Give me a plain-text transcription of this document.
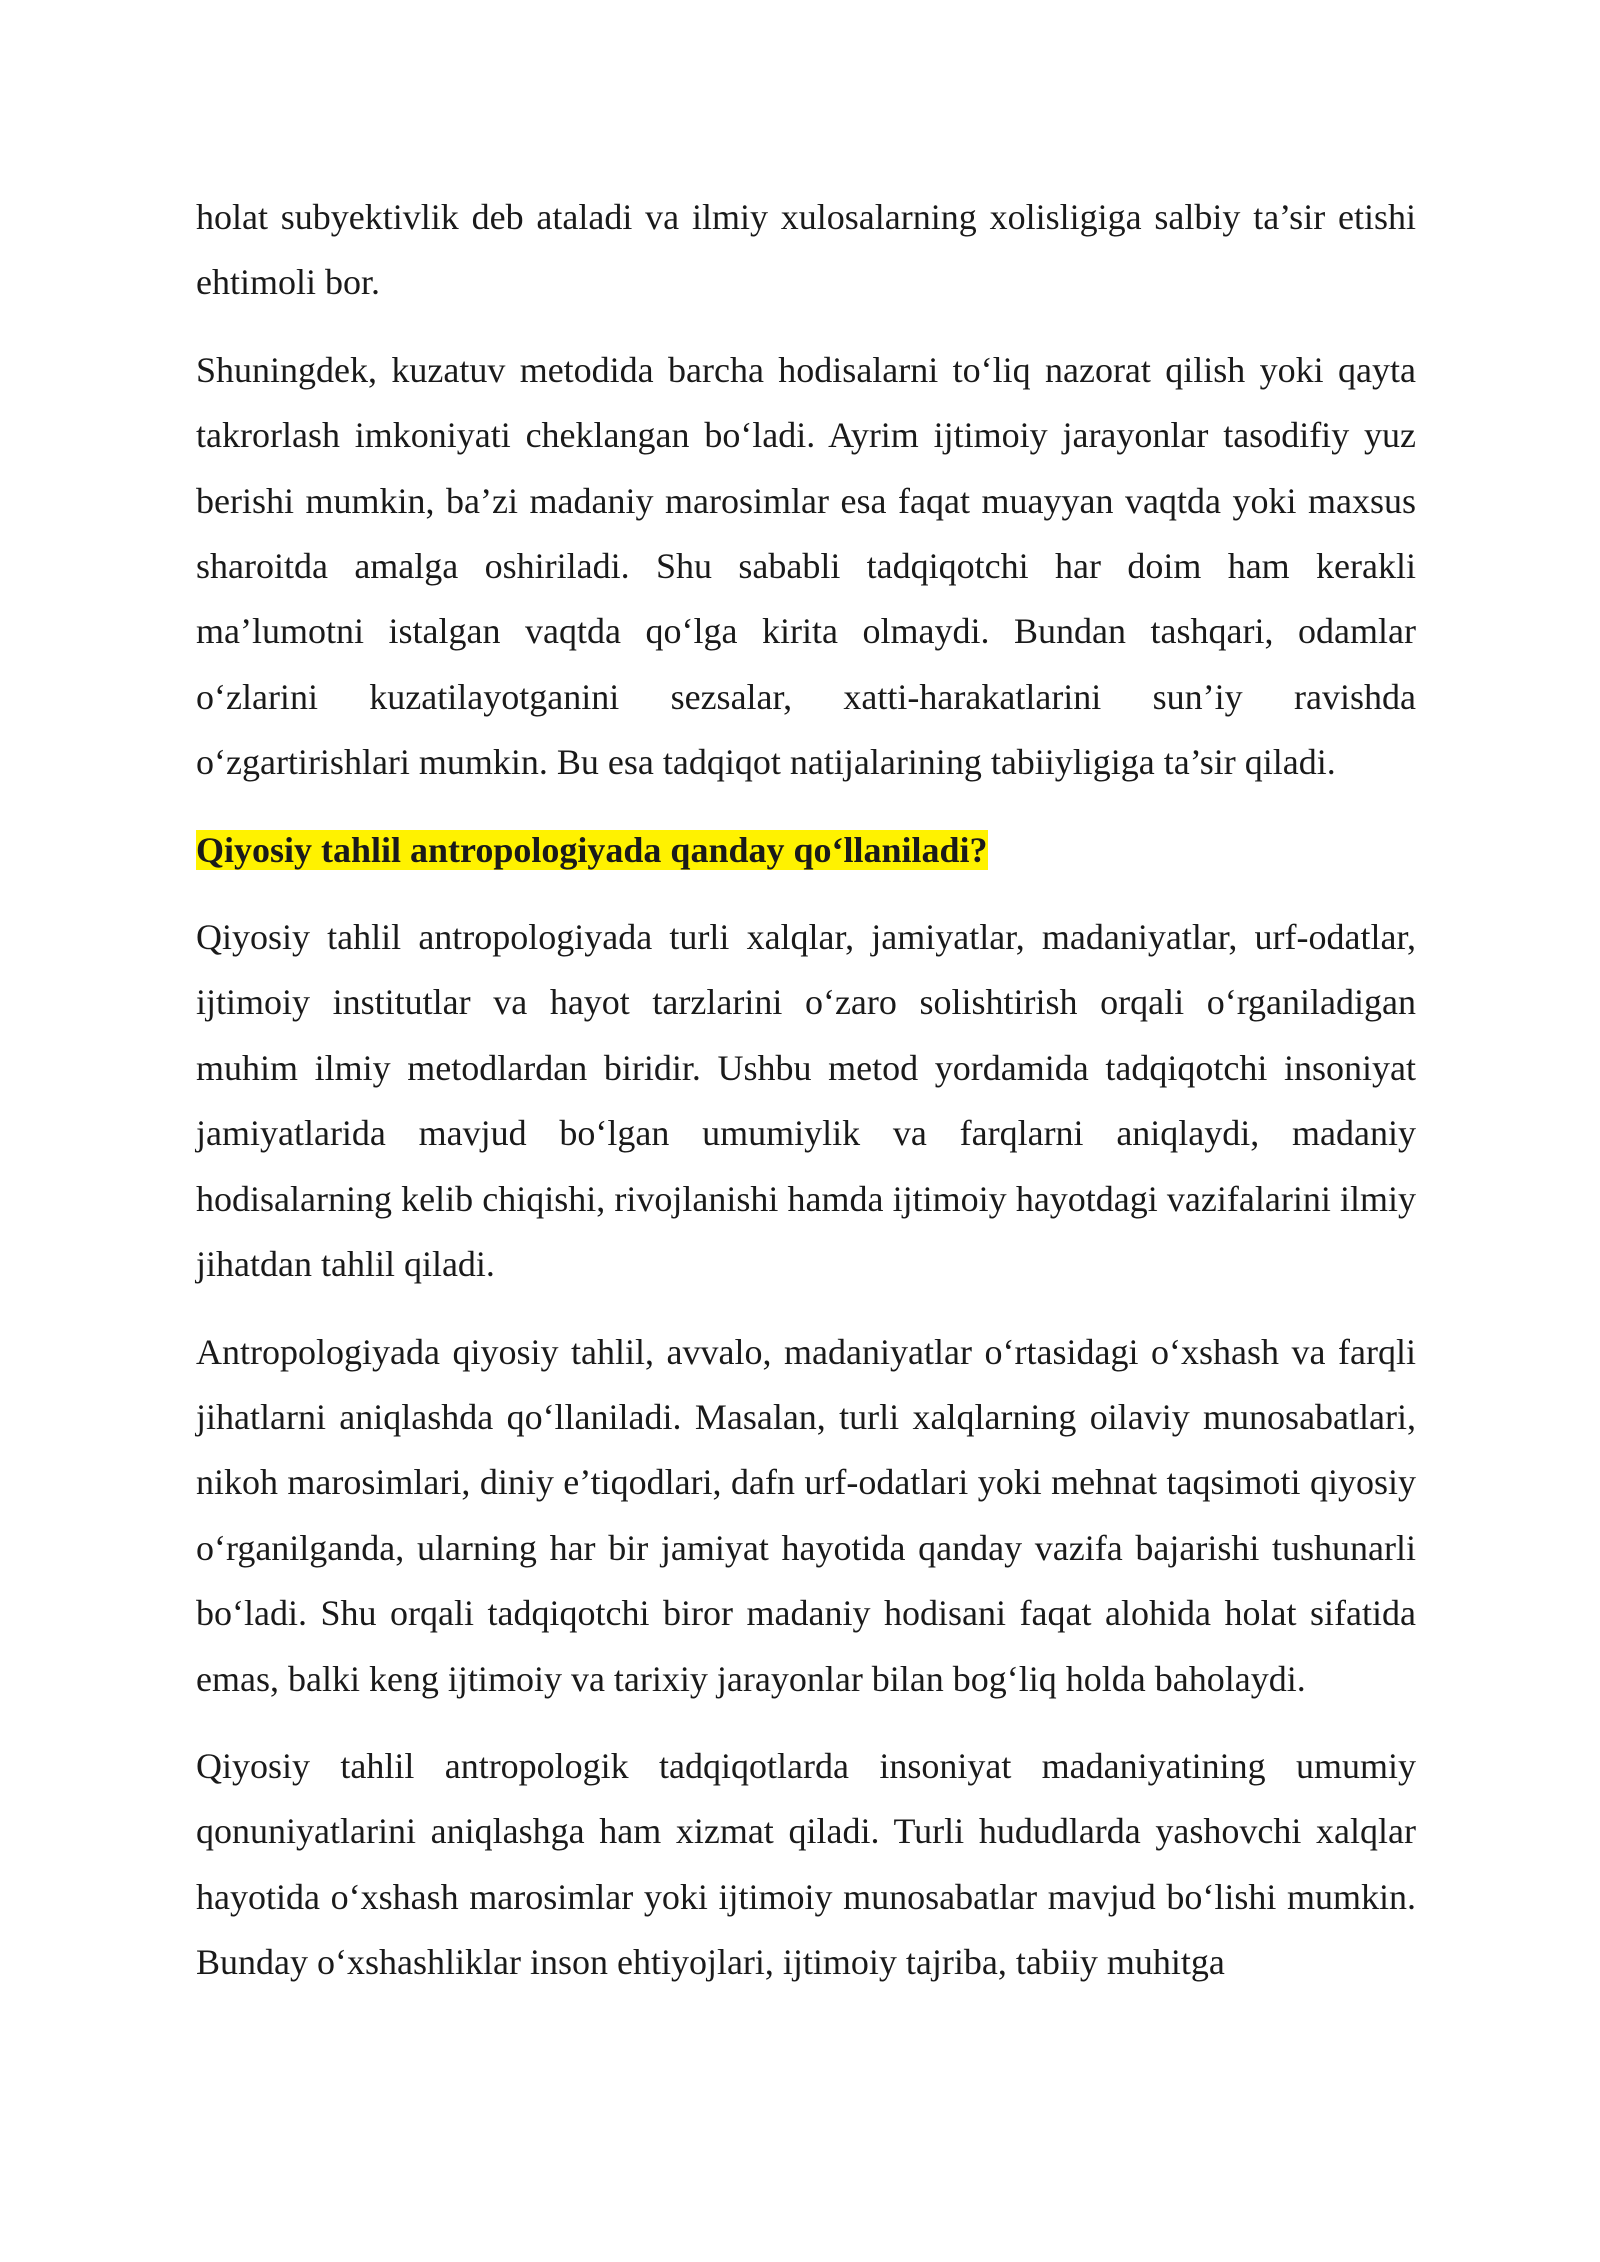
holat subyektivlik deb ataladi va ilmiy xulosalarning xolisligiga salbiy ta’sir etishi ehtimoli bor.

Shuningdek, kuzatuv metodida barcha hodisalarni to‘liq nazorat qilish yoki qayta takrorlash imkoniyati cheklangan bo‘ladi. Ayrim ijtimoiy jarayonlar tasodifiy yuz berishi mumkin, ba’zi madaniy marosimlar esa faqat muayyan vaqtda yoki maxsus sharoitda amalga oshiriladi. Shu sababli tadqiqotchi har doim ham kerakli ma’lumotni istalgan vaqtda qo‘lga kirita olmaydi. Bundan tashqari, odamlar o‘zlarini kuzatilayotganini sezsalar, xatti-harakatlarini sun’iy ravishda o‘zgartirishlari mumkin. Bu esa tadqiqot natijalarining tabiiyligiga ta’sir qiladi.

Qiyosiy tahlil antropologiyada qanday qo‘llaniladi?

Qiyosiy tahlil antropologiyada turli xalqlar, jamiyatlar, madaniyatlar, urf-odatlar, ijtimoiy institutlar va hayot tarzlarini o‘zaro solishtirish orqali o‘rganiladigan muhim ilmiy metodlardan biridir. Ushbu metod yordamida tadqiqotchi insoniyat jamiyatlarida mavjud bo‘lgan umumiylik va farqlarni aniqlaydi, madaniy hodisalarning kelib chiqishi, rivojlanishi hamda ijtimoiy hayotdagi vazifalarini ilmiy jihatdan tahlil qiladi.

Antropologiyada qiyosiy tahlil, avvalo, madaniyatlar o‘rtasidagi o‘xshash va farqli jihatlarni aniqlashda qo‘llaniladi. Masalan, turli xalqlarning oilaviy munosabatlari, nikoh marosimlari, diniy e’tiqodlari, dafn urf-odatlari yoki mehnat taqsimoti qiyosiy o‘rganilganda, ularning har bir jamiyat hayotida qanday vazifa bajarishi tushunarli bo‘ladi. Shu orqali tadqiqotchi biror madaniy hodisani faqat alohida holat sifatida emas, balki keng ijtimoiy va tarixiy jarayonlar bilan bog‘liq holda baholaydi.

Qiyosiy tahlil antropologik tadqiqotlarda insoniyat madaniyatining umumiy qonuniyatlarini aniqlashga ham xizmat qiladi. Turli hududlarda yashovchi xalqlar hayotida o‘xshash marosimlar yoki ijtimoiy munosabatlar mavjud bo‘lishi mumkin. Bunday o‘xshashliklar inson ehtiyojlari, ijtimoiy tajriba, tabiiy muhitga
